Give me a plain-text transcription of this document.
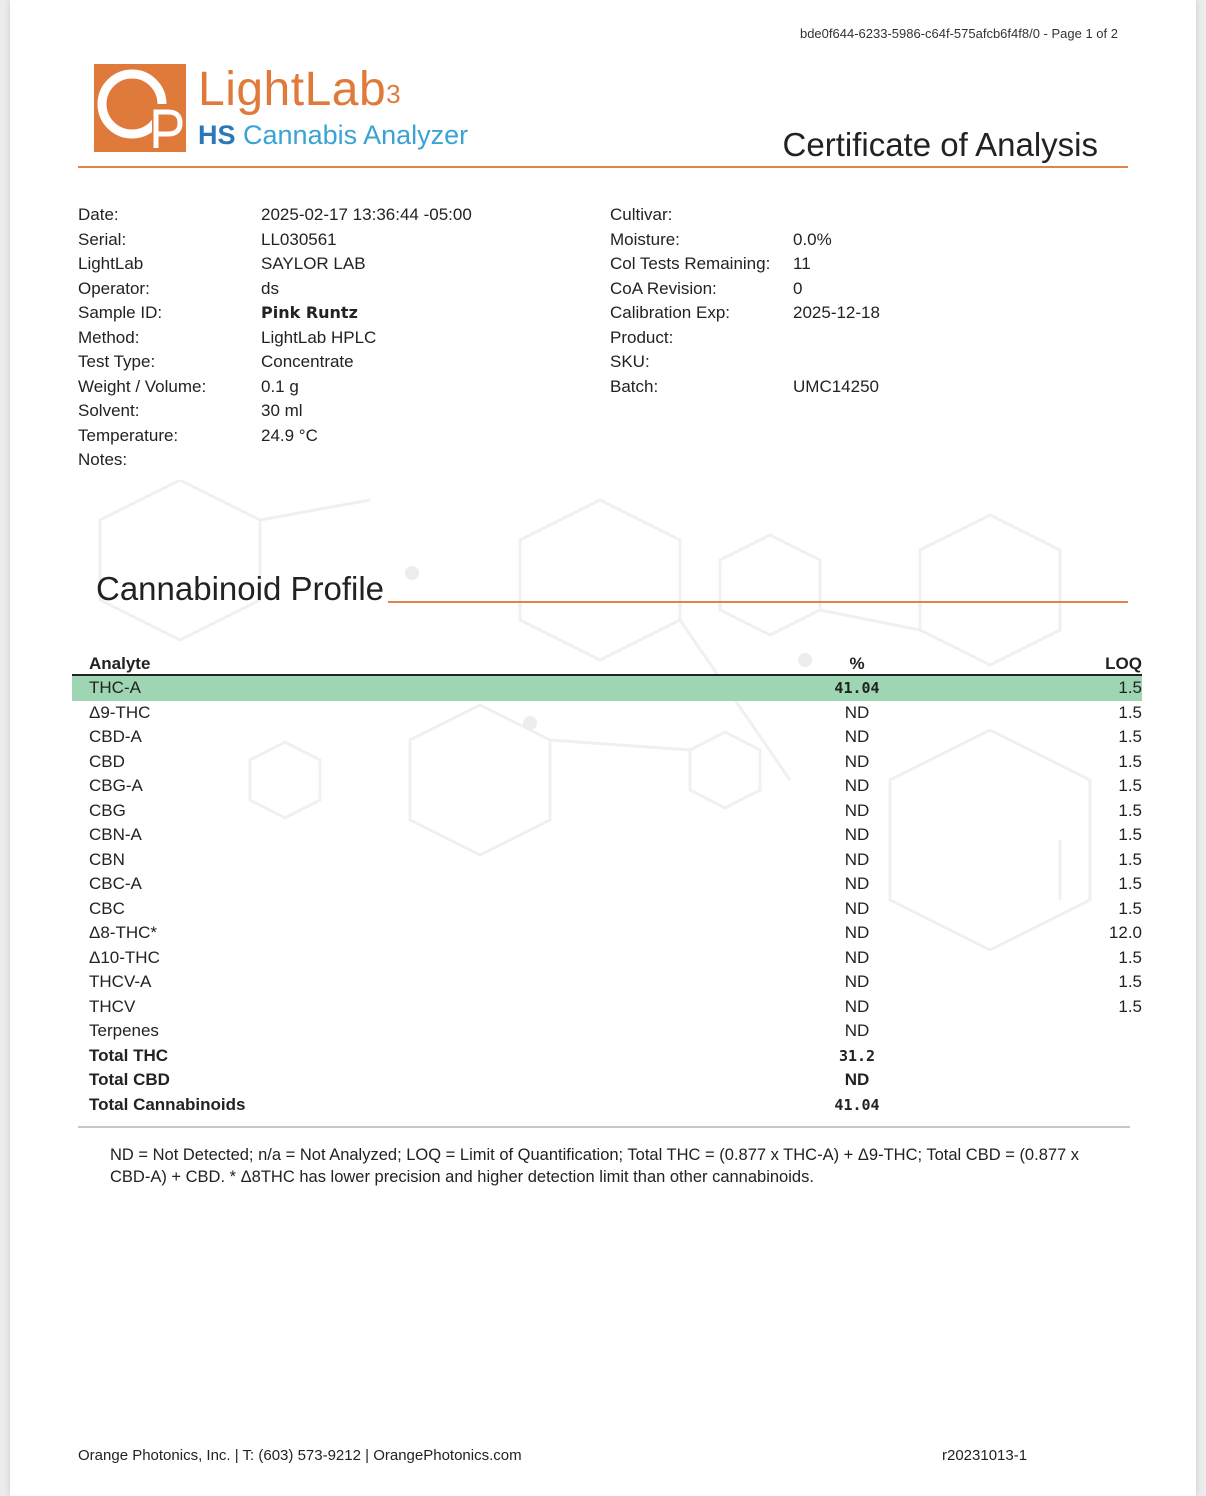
bde0f644-6233-5986-c64f-575afcb6f4f8/0 - Page 1 of 2
LightLab$_3$
HS Cannabis Analyzer	Certificate of Analysis
Date:	2025-02-17 13:36:44 -05:00
Serial:	LL030561
LightLab	SAYLOR LAB
Operator:	ds
Sample ID:	Pink Runtz
Method:	LightLab HPLC
Test Type:	Concentrate
Weight / Volume:	0.1 g
Solvent:	30 ml
Temperature:	24.9 °C
Notes:
Cultivar:
Moisture:	0.0%
Col Tests Remaining:	11
CoA Revision:	0
Calibration Exp:	2025-12-18
Product:
SKU:
Batch:	UMC14250
Cannabinoid Profile
Analyte	%	LOQ
THC-A	41.04	1.5
Δ9-THC	ND	1.5
CBD-A	ND	1.5
CBD	ND	1.5
CBG-A	ND	1.5
CBG	ND	1.5
CBN-A	ND	1.5
CBN	ND	1.5
CBC-A	ND	1.5
CBC	ND	1.5
Δ8-THC*	ND	12.0
Δ10-THC	ND	1.5
THCV-A	ND	1.5
THCV	ND	1.5
Terpenes	ND
Total THC	31.2
Total CBD	ND
Total Cannabinoids	41.04
ND = Not Detected; n/a = Not Analyzed; LOQ = Limit of Quantification; Total THC = (0.877 x THC-A) + Δ9-THC; Total CBD = (0.877 x CBD-A) + CBD. * Δ8THC has lower precision and higher detection limit than other cannabinoids.
Orange Photonics, Inc. | T: (603) 573-9212 | OrangePhotonics.com	r20231013-1
